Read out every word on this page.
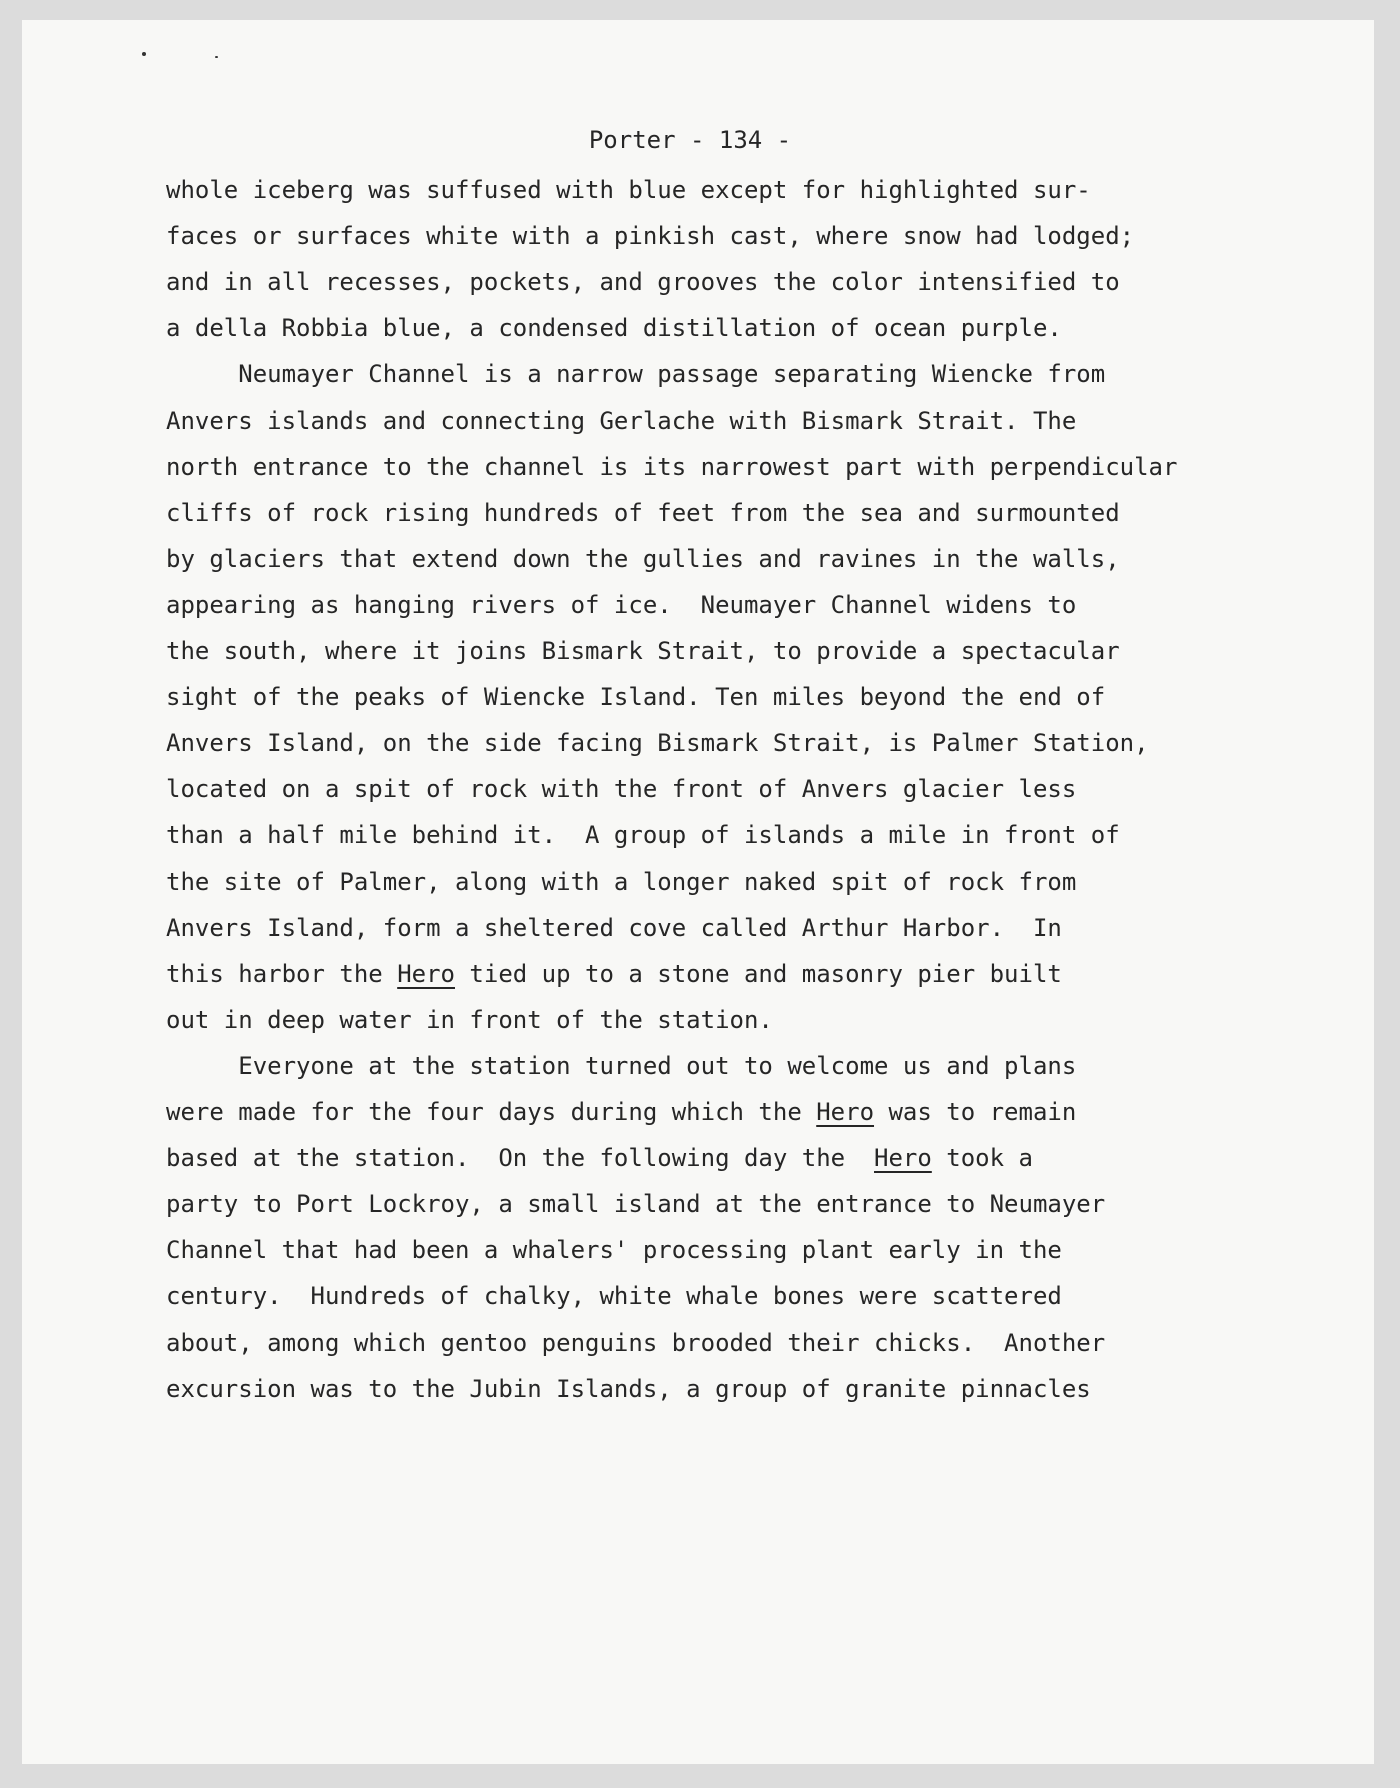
Porter - 134 -
whole iceberg was suffused with blue except for highlighted sur-
faces or surfaces white with a pinkish cast, where snow had lodged;
and in all recesses, pockets, and grooves the color intensified to
a della Robbia blue, a condensed distillation of ocean purple.
Neumayer Channel is a narrow passage separating Wiencke from
Anvers islands and connecting Gerlache with Bismark Strait. The
north entrance to the channel is its narrowest part with perpendicular
cliffs of rock rising hundreds of feet from the sea and surmounted
by glaciers that extend down the gullies and ravines in the walls,
appearing as hanging rivers of ice.  Neumayer Channel widens to
the south, where it joins Bismark Strait, to provide a spectacular
sight of the peaks of Wiencke Island. Ten miles beyond the end of
Anvers Island, on the side facing Bismark Strait, is Palmer Station,
located on a spit of rock with the front of Anvers glacier less
than a half mile behind it.  A group of islands a mile in front of
the site of Palmer, along with a longer naked spit of rock from
Anvers Island, form a sheltered cove called Arthur Harbor.  In
this harbor the Hero tied up to a stone and masonry pier built
out in deep water in front of the station.
Everyone at the station turned out to welcome us and plans
were made for the four days during which the Hero was to remain
based at the station.  On the following day the  Hero took a
party to Port Lockroy, a small island at the entrance to Neumayer
Channel that had been a whalers' processing plant early in the
century.  Hundreds of chalky, white whale bones were scattered
about, among which gentoo penguins brooded their chicks.  Another
excursion was to the Jubin Islands, a group of granite pinnacles
